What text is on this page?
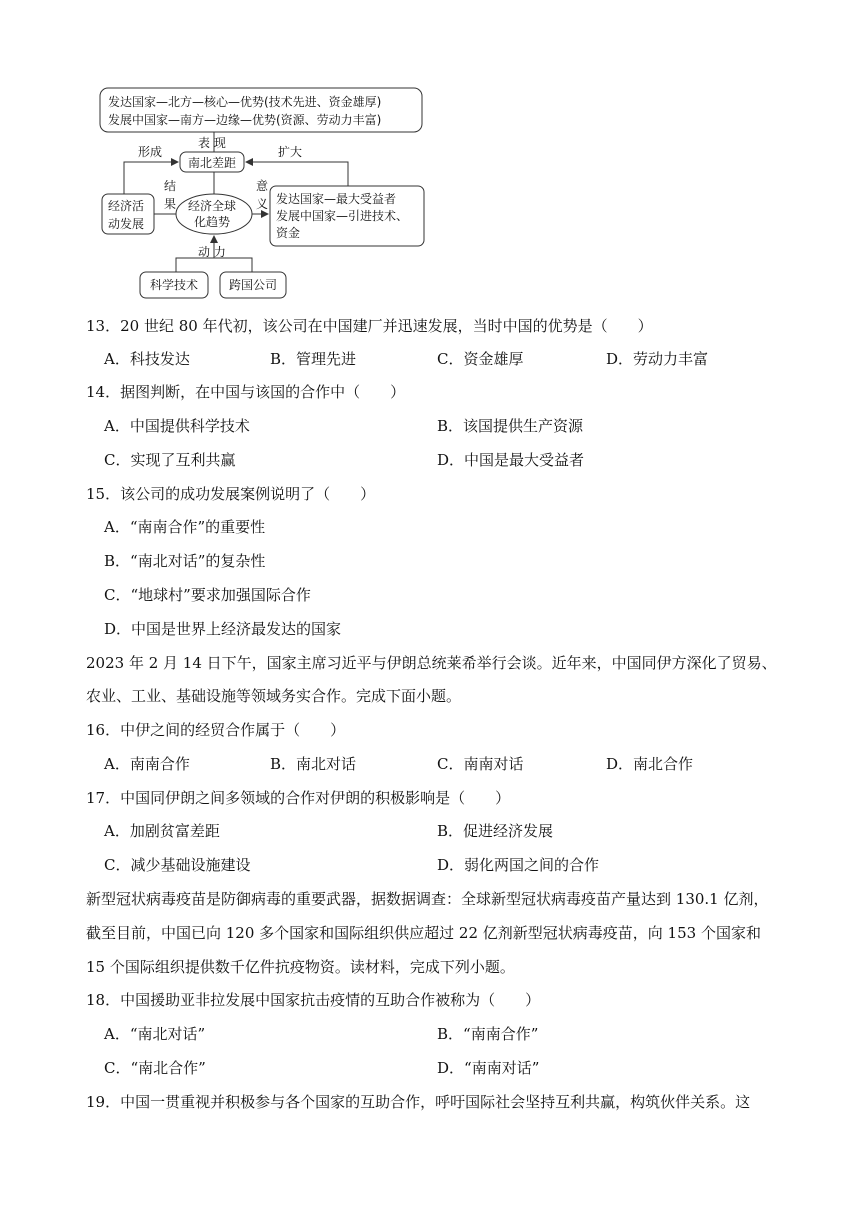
发达国家—北方—核心—优势(技术先进、资金雄厚)
发展中国家—南方—边缘—优势(资源、劳动力丰富)
表 现
南北差距
形成	扩大
经济活
动发展
结
果 经济全球
化趋势
意
义 发达国家—最大受益者
发展中国家—引进技术、
资金
动 力
科学技术	跨国公司
13．20 世纪 80 年代初，该公司在中国建厂并迅速发展，当时中国的优势是（　　）
A．科技发达	B．管理先进	C．资金雄厚	D．劳动力丰富
14．据图判断，在中国与该国的合作中（　　）
A．中国提供科学技术	B．该国提供生产资源
C．实现了互利共赢	D．中国是最大受益者
15．该公司的成功发展案例说明了（　　）
A．“南南合作”的重要性
B．“南北对话”的复杂性
C．“地球村”要求加强国际合作
D．中国是世界上经济最发达的国家
2023 年 2 月 14 日下午，国家主席习近平与伊朗总统莱希举行会谈。近年来，中国同伊方深化了贸易、
农业、工业、基础设施等领域务实合作。完成下面小题。
16．中伊之间的经贸合作属于（　　）
A．南南合作	B．南北对话	C．南南对话	D．南北合作
17．中国同伊朗之间多领域的合作对伊朗的积极影响是（　　）
A．加剧贫富差距	B．促进经济发展
C．减少基础设施建设	D．弱化两国之间的合作
新型冠状病毒疫苗是防御病毒的重要武器，据数据调查：全球新型冠状病毒疫苗产量达到 130.1 亿剂，
截至目前，中国已向 120 多个国家和国际组织供应超过 22 亿剂新型冠状病毒疫苗，向 153 个国家和
15 个国际组织提供数千亿件抗疫物资。读材料，完成下列小题。
18．中国援助亚非拉发展中国家抗击疫情的互助合作被称为（　　）
A．“南北对话”	B．“南南合作”
C．“南北合作”	D．“南南对话”
19．中国一贯重视并积极参与各个国家的互助合作，呼吁国际社会坚持互利共赢，构筑伙伴关系。这
